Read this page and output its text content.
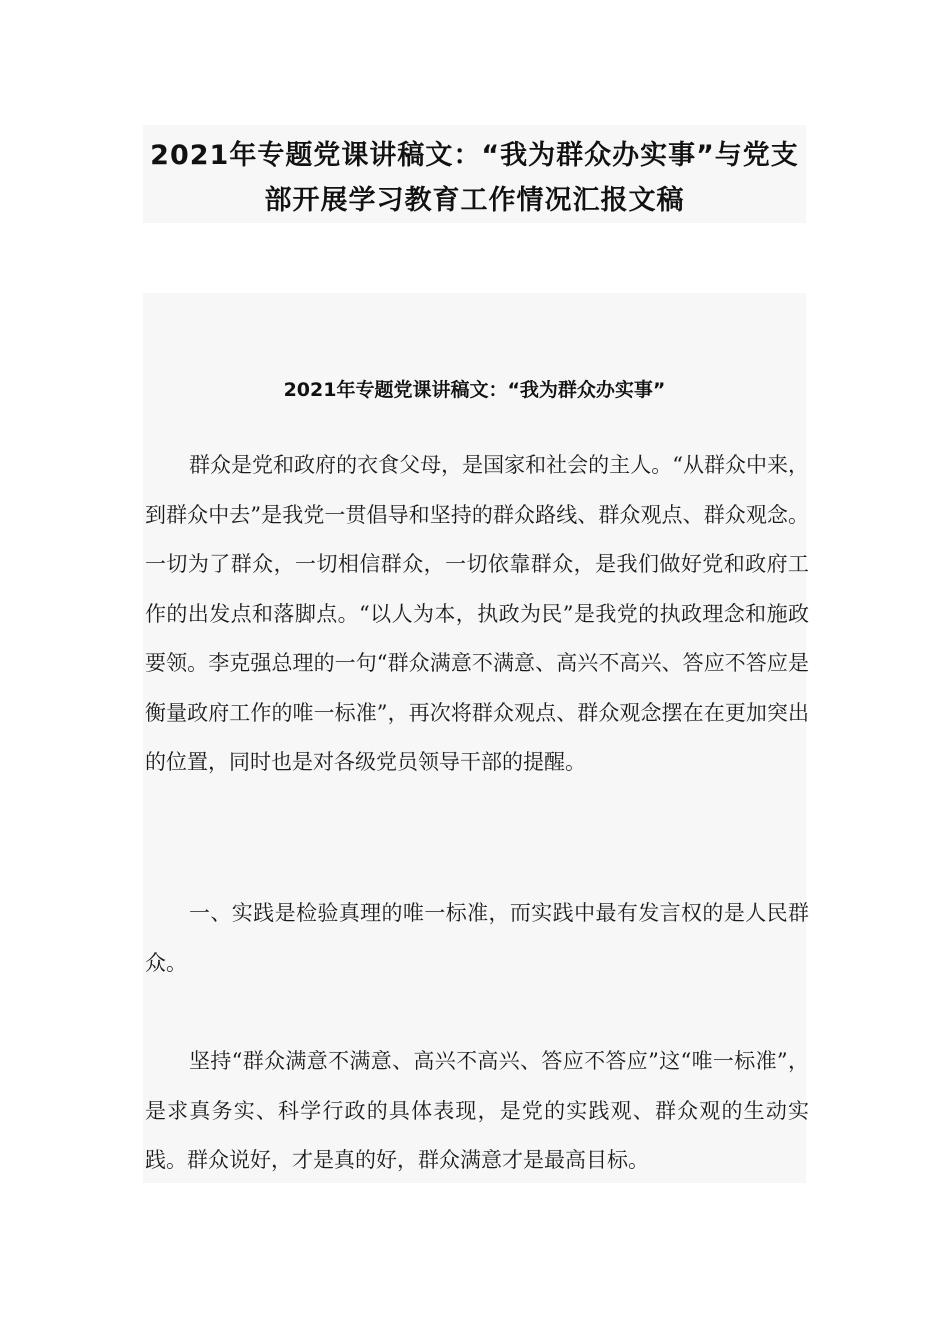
2021年专题党课讲稿文：“我为群众办实事”与党支部开展学习教育工作情况汇报文稿
2021年专题党课讲稿文：“我为群众办实事”

群众是党和政府的衣食父母，是国家和社会的主人。“从群众中来，到群众中去”是我党一贯倡导和坚持的群众路线、群众观点、群众观念。一切为了群众，一切相信群众，一切依靠群众，是我们做好党和政府工作的出发点和落脚点。“以人为本，执政为民”是我党的执政理念和施政要领。李克强总理的一句“群众满意不满意、高兴不高兴、答应不答应是衡量政府工作的唯一标准”，再次将群众观点、群众观念摆在在更加突出的位置，同时也是对各级党员领导干部的提醒。

一、实践是检验真理的唯一标准，而实践中最有发言权的是人民群众。

坚持“群众满意不满意、高兴不高兴、答应不答应”这“唯一标准”，是求真务实、科学行政的具体表现，是党的实践观、群众观的生动实践。群众说好，才是真的好，群众满意才是最高目标。
